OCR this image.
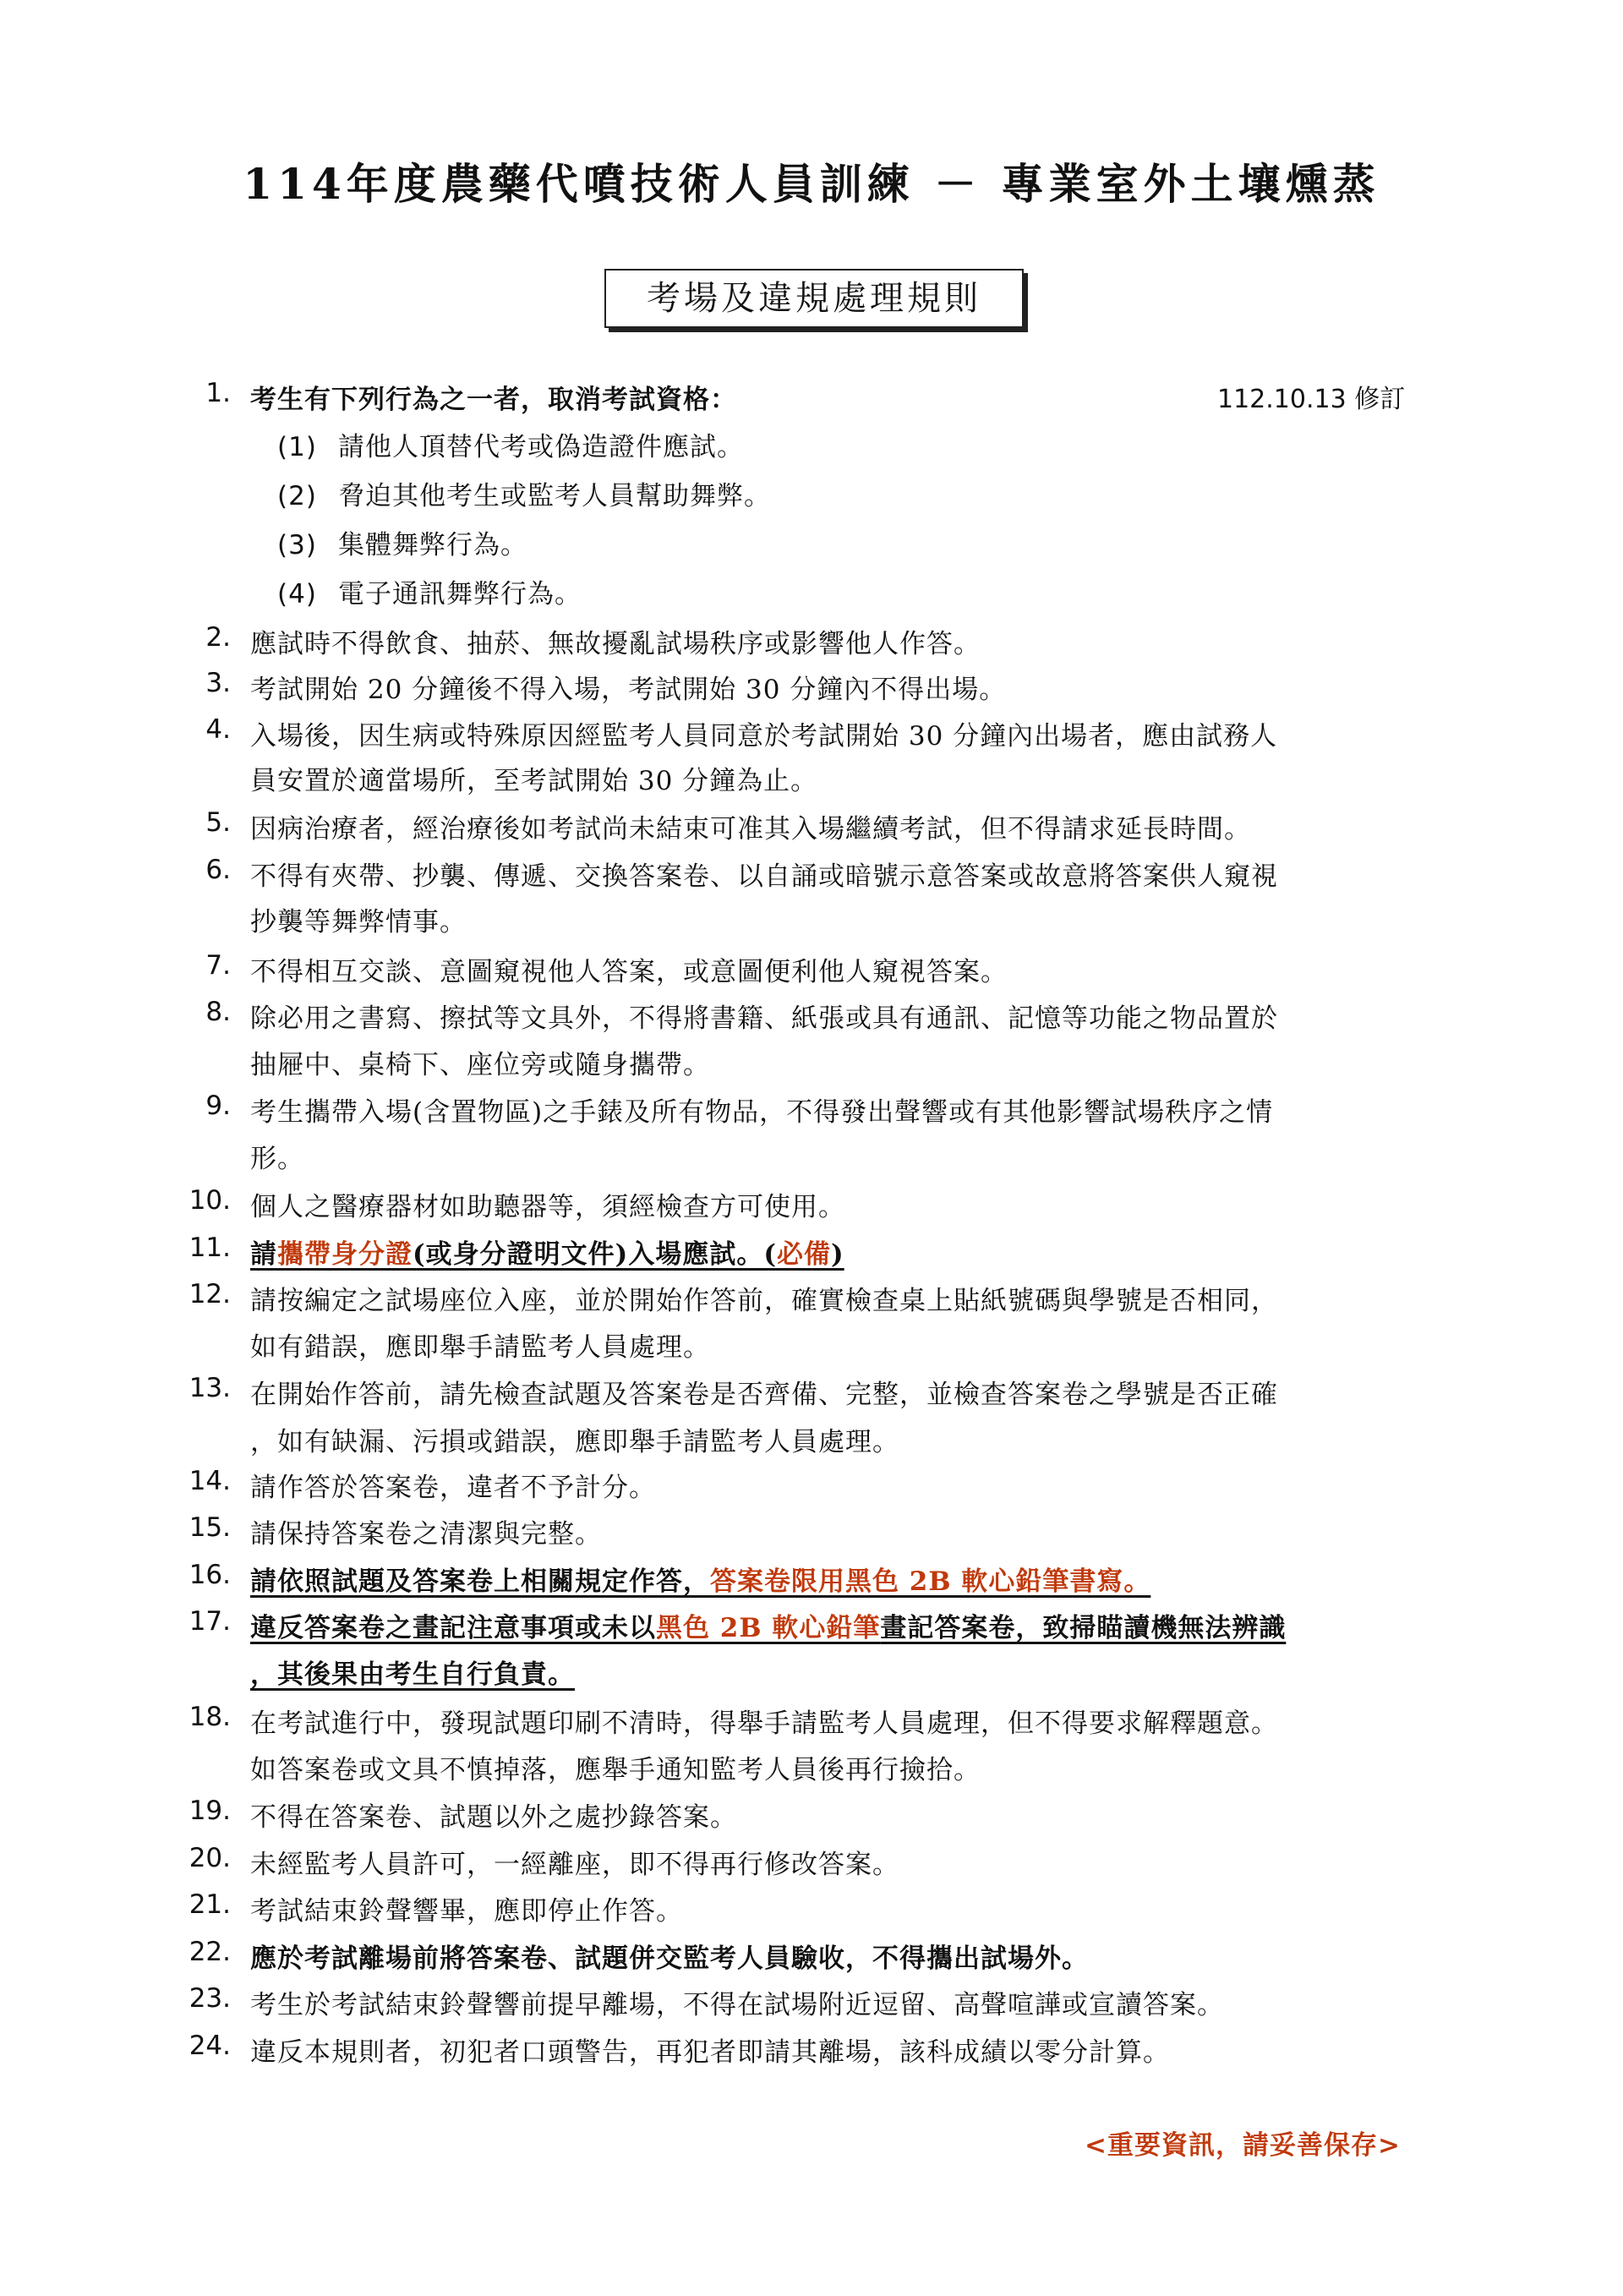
114年度農藥代噴技術人員訓練 － 專業室外土壤燻蒸
考場及違規處理規則
112.10.13 修訂
1. 考生有下列行為之一者，取消考試資格：
(1) 請他人頂替代考或偽造證件應試。
(2) 脅迫其他考生或監考人員幫助舞弊。
(3) 集體舞弊行為。
(4) 電子通訊舞弊行為。
2. 應試時不得飲食、抽菸、無故擾亂試場秩序或影響他人作答。
3. 考試開始 20 分鐘後不得入場，考試開始 30 分鐘內不得出場。
4. 入場後，因生病或特殊原因經監考人員同意於考試開始 30 分鐘內出場者，應由試務人
員安置於適當場所，至考試開始 30 分鐘為止。
5. 因病治療者，經治療後如考試尚未結束可准其入場繼續考試，但不得請求延長時間。
6. 不得有夾帶、抄襲、傳遞、交換答案卷、以自誦或暗號示意答案或故意將答案供人窺視
抄襲等舞弊情事。
7. 不得相互交談、意圖窺視他人答案，或意圖便利他人窺視答案。
8. 除必用之書寫、擦拭等文具外，不得將書籍、紙張或具有通訊、記憶等功能之物品置於
抽屜中、桌椅下、座位旁或隨身攜帶。
9. 考生攜帶入場(含置物區)之手錶及所有物品，不得發出聲響或有其他影響試場秩序之情
形。
10. 個人之醫療器材如助聽器等，須經檢查方可使用。
11. 請攜帶身分證(或身分證明文件)入場應試。(必備)
12. 請按編定之試場座位入座，並於開始作答前，確實檢查桌上貼紙號碼與學號是否相同，
如有錯誤，應即舉手請監考人員處理。
13. 在開始作答前，請先檢查試題及答案卷是否齊備、完整，並檢查答案卷之學號是否正確
，如有缺漏、污損或錯誤，應即舉手請監考人員處理。
14. 請作答於答案卷，違者不予計分。
15. 請保持答案卷之清潔與完整。
16. 請依照試題及答案卷上相關規定作答，答案卷限用黑色 2B 軟心鉛筆書寫。
17. 違反答案卷之畫記注意事項或未以黑色 2B 軟心鉛筆畫記答案卷，致掃瞄讀機無法辨識
，其後果由考生自行負責。
18. 在考試進行中，發現試題印刷不清時，得舉手請監考人員處理，但不得要求解釋題意。
如答案卷或文具不慎掉落，應舉手通知監考人員後再行撿拾。
19. 不得在答案卷、試題以外之處抄錄答案。
20. 未經監考人員許可，一經離座，即不得再行修改答案。
21. 考試結束鈴聲響畢，應即停止作答。
22. 應於考試離場前將答案卷、試題併交監考人員驗收，不得攜出試場外。
23. 考生於考試結束鈴聲響前提早離場，不得在試場附近逗留、高聲喧譁或宣讀答案。
24. 違反本規則者，初犯者口頭警告，再犯者即請其離場，該科成績以零分計算。
<重要資訊，請妥善保存>
